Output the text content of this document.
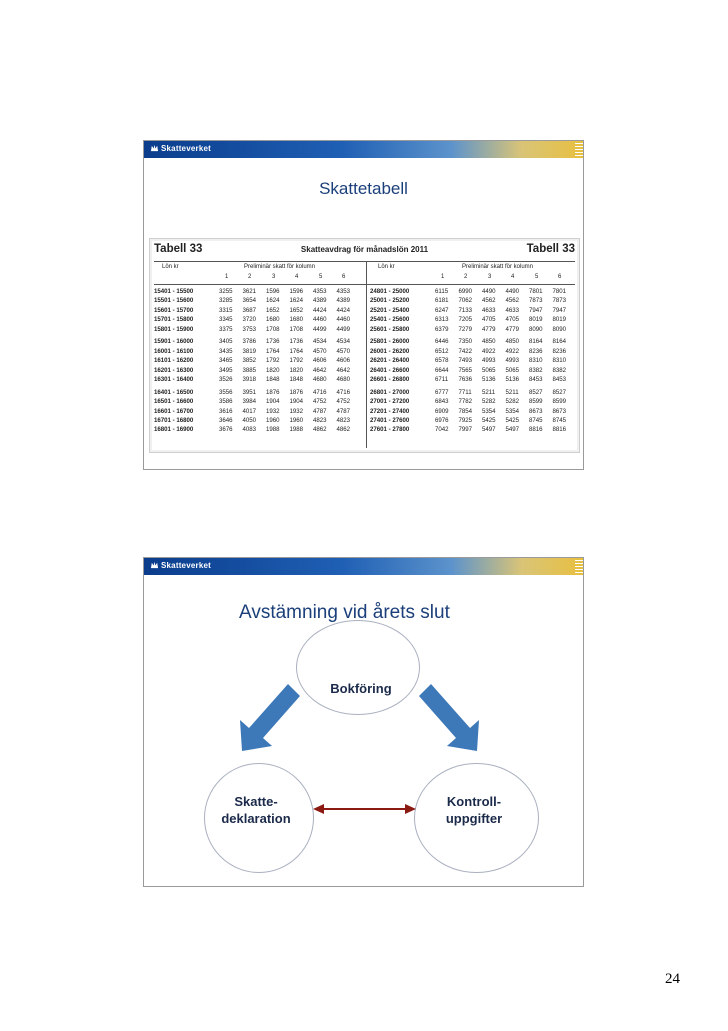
Skatteverket
Skattetabell
Tabell 33	Skatteavdrag för månadslön 2011	Tabell 33
Lön kr	Preliminär skatt för kolumn	Lön kr	Preliminär skatt för kolumn
1	2	3	4	5	6	1	2	3	4	5	6
15401 - 15500	3255	3621	1596	1596	4353	4353
15501 - 15600	3285	3654	1624	1624	4389	4389
15601 - 15700	3315	3687	1652	1652	4424	4424
15701 - 15800	3345	3720	1680	1680	4460	4460
15801 - 15900	3375	3753	1708	1708	4499	4499
15901 - 16000	3405	3786	1736	1736	4534	4534
16001 - 16100	3435	3819	1764	1764	4570	4570
16101 - 16200	3465	3852	1792	1792	4606	4606
16201 - 16300	3495	3885	1820	1820	4642	4642
16301 - 16400	3526	3918	1848	1848	4680	4680
16401 - 16500	3556	3951	1876	1876	4716	4716
16501 - 16600	3586	3984	1904	1904	4752	4752
16601 - 16700	3616	4017	1932	1932	4787	4787
16701 - 16800	3646	4050	1960	1960	4823	4823
16801 - 16900	3676	4083	1988	1988	4862	4862
24801 - 25000	6115	6990	4490	4490	7801	7801
25001 - 25200	6181	7062	4562	4562	7873	7873
25201 - 25400	6247	7133	4633	4633	7947	7947
25401 - 25600	6313	7205	4705	4705	8019	8019
25601 - 25800	6379	7279	4779	4779	8090	8090
25801 - 26000	6446	7350	4850	4850	8164	8164
26001 - 26200	6512	7422	4922	4922	8236	8236
26201 - 26400	6578	7493	4993	4993	8310	8310
26401 - 26600	6644	7565	5065	5065	8382	8382
26601 - 26800	6711	7636	5136	5136	8453	8453
26801 - 27000	6777	7711	5211	5211	8527	8527
27001 - 27200	6843	7782	5282	5282	8599	8599
27201 - 27400	6909	7854	5354	5354	8673	8673
27401 - 27600	6976	7925	5425	5425	8745	8745
27601 - 27800	7042	7997	5497	5497	8816	8816
Skatteverket
Avstämning vid årets slut
Bokföring
Skatte-
deklaration
Kontroll-
uppgifter
24
